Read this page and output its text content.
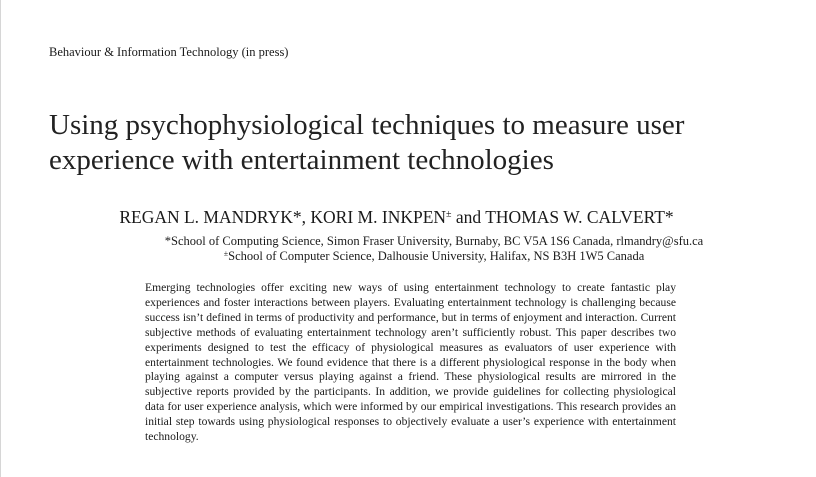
Behaviour & Information Technology (in press)
Using psychophysiological techniques to measure user
experience with entertainment technologies
REGAN L. MANDRYK*, KORI M. INKPEN± and THOMAS W. CALVERT*
*School of Computing Science, Simon Fraser University, Burnaby, BC V5A 1S6 Canada, rlmandry@sfu.ca
±School of Computer Science, Dalhousie University, Halifax, NS B3H 1W5 Canada

Emerging technologies offer exciting new ways of using entertainment technology to create fantastic play experiences and foster interactions between players. Evaluating entertainment technology is challenging because success isn’t defined in terms of productivity and performance, but in terms of enjoyment and interaction. Current subjective methods of evaluating entertainment technology aren’t sufficiently robust. This paper describes two experiments designed to test the efficacy of physiological measures as evaluators of user experience with entertainment technologies. We found evidence that there is a different physiological response in the body when playing against a computer versus playing against a friend. These physiological results are mirrored in the subjective reports provided by the participants. In addition, we provide guidelines for collecting physiological data for user experience analysis, which were informed by our empirical investigations. This research provides an initial step towards using physiological responses to objectively evaluate a user’s experience with entertainment technology.
